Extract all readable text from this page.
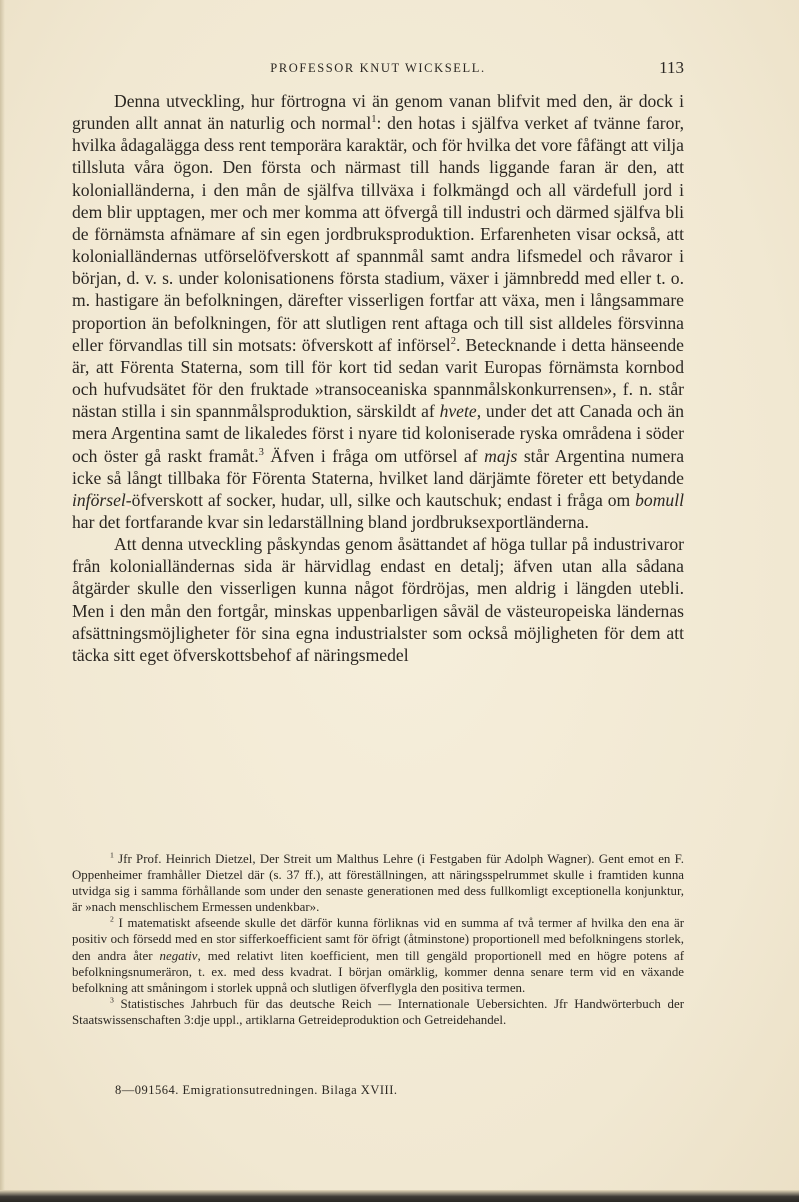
PROFESSOR KNUT WICKSELL.	113

Denna utveckling, hur förtrogna vi än genom vanan blifvit med den, är dock i grunden allt annat än naturlig och normal$^1$: den hotas i själfva verket af tvänne faror, hvilka ådagalägga dess rent temporära karaktär, och för hvilka det vore fåfängt att vilja tillsluta våra ögon. Den första och närmast till hands liggande faran är den, att kolonialländerna, i den mån de själfva tillväxa i folkmängd och all värdefull jord i dem blir upptagen, mer och mer komma att öfvergå till industri och därmed själfva bli de förnämsta afnämare af sin egen jordbruksproduktion. Erfarenheten visar också, att kolonialländernas utförselöfverskott af spannmål samt andra lifsmedel och råvaror i början, d. v. s. under kolonisationens första stadium, växer i jämnbredd med eller t. o. m. hastigare än befolkningen, därefter visserligen fortfar att växa, men i långsammare proportion än befolkningen, för att slutligen rent aftaga och till sist alldeles försvinna eller förvandlas till sin motsats: öfverskott af införsel$^2$. Betecknande i detta hänseende är, att Förenta Staterna, som till för kort tid sedan varit Europas förnämsta kornbod och hufvudsätet för den fruktade »transoceaniska spannmålskonkurrensen», f. n. står nästan stilla i sin spannmålsproduktion, särskildt af hvete, under det att Canada och än mera Argentina samt de likaledes först i nyare tid koloniserade ryska områdena i söder och öster gå raskt framåt.$^3$ Äfven i fråga om utförsel af majs står Argentina numera icke så långt tillbaka för Förenta Staterna, hvilket land därjämte företer ett betydande införsel-öfverskott af socker, hudar, ull, silke och kautschuk; endast i fråga om bomull har det fortfarande kvar sin ledarställning bland jordbruksexportländerna.

Att denna utveckling påskyndas genom åsättandet af höga tullar på industrivaror från kolonialländernas sida är härvidlag endast en detalj; äfven utan alla sådana åtgärder skulle den visserligen kunna något fördröjas, men aldrig i längden utebli. Men i den mån den fortgår, minskas uppenbarligen såväl de västeuropeiska ländernas afsättningsmöjligheter för sina egna industrialster som också möjligheten för dem att täcka sitt eget öfverskottsbehof af näringsmedel

$^1$ Jfr Prof. Heinrich Dietzel, Der Streit um Malthus Lehre (i Festgaben für Adolph Wagner). Gent emot en F. Oppenheimer framhåller Dietzel där (s. 37 ff.), att föreställningen, att näringsspelrummet skulle i framtiden kunna utvidga sig i samma förhållande som under den senaste generationen med dess fullkomligt exceptionella konjunktur, är »nach menschlischem Ermessen undenkbar».

$^2$ I matematiskt afseende skulle det därför kunna förliknas vid en summa af två termer af hvilka den ena är positiv och försedd med en stor sifferkoefficient samt för öfrigt (åtminstone) proportionell med befolkningens storlek, den andra åter negativ, med relativt liten koefficient, men till gengäld proportionell med en högre potens af befolkningsnumeräron, t. ex. med dess kvadrat. I början omärklig, kommer denna senare term vid en växande befolkning att småningom i storlek uppnå och slutligen öfverflygla den positiva termen.

$^3$ Statistisches Jahrbuch für das deutsche Reich — Internationale Uebersichten. Jfr Handwörterbuch der Staatswissenschaften 3:dje uppl., artiklarna Getreideproduktion och Getreidehandel.

8—091564. Emigrationsutredningen. Bilaga XVIII.
